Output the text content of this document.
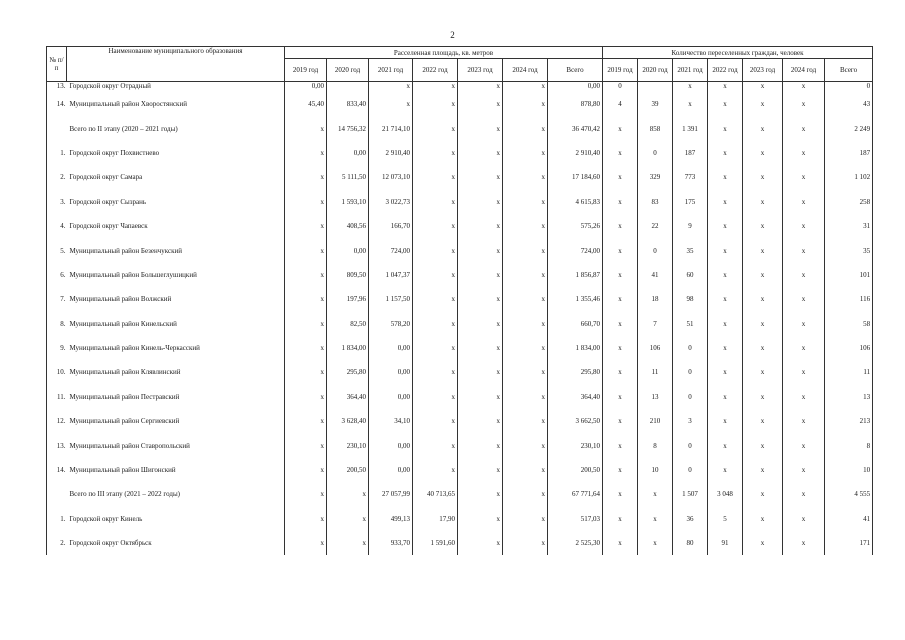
2
№ п/п	Наименование муниципального образования	Расселенная площадь, кв. метров							Количество переселенных граждан, человек						
		2019 год	2020 год	2021 год	2022 год	2023 год	2024 год	Всего	2019 год	2020 год	2021 год	2022 год	2023 год	2024 год	Всего
13.	Городской округ Отрадный	0,00		x	x	x	x	0,00	0		x	x	x	x	0
14.	Муниципальный район Хворостянский	45,40	833,40	x	x	x	x	878,80	4	39	x	x	x	x	43
	Всего по II этапу (2020 – 2021 годы)	x	14 756,32	21 714,10	x	x	x	36 470,42	x	858	1 391	x	x	x	2 249
1.	Городской округ Похвистнево	x	0,00	2 910,40	x	x	x	2 910,40	x	0	187	x	x	x	187
2.	Городской округ Самара	x	5 111,50	12 073,10	x	x	x	17 184,60	x	329	773	x	x	x	1 102
3.	Городской округ Сызрань	x	1 593,10	3 022,73	x	x	x	4 615,83	x	83	175	x	x	x	258
4.	Городской округ Чапаевск	x	408,56	166,70	x	x	x	575,26	x	22	9	x	x	x	31
5.	Муниципальный район Безенчукский	x	0,00	724,00	x	x	x	724,00	x	0	35	x	x	x	35
6.	Муниципальный район Большеглушицкий	x	809,50	1 047,37	x	x	x	1 856,87	x	41	60	x	x	x	101
7.	Муниципальный район Волжский	x	197,96	1 157,50	x	x	x	1 355,46	x	18	98	x	x	x	116
8.	Муниципальный район Кинельский	x	82,50	578,20	x	x	x	660,70	x	7	51	x	x	x	58
9.	Муниципальный район Кинель-Черкасский	x	1 834,00	0,00	x	x	x	1 834,00	x	106	0	x	x	x	106
10.	Муниципальный район Клявлинский	x	295,80	0,00	x	x	x	295,80	x	11	0	x	x	x	11
11.	Муниципальный район Пестравский	x	364,40	0,00	x	x	x	364,40	x	13	0	x	x	x	13
12.	Муниципальный район Сергиевский	x	3 628,40	34,10	x	x	x	3 662,50	x	210	3	x	x	x	213
13.	Муниципальный район Ставропольский	x	230,10	0,00	x	x	x	230,10	x	8	0	x	x	x	8
14.	Муниципальный район Шигонский	x	200,50	0,00	x	x	x	200,50	x	10	0	x	x	x	10
	Всего по III этапу (2021 – 2022 годы)	x	x	27 057,99	40 713,65	x	x	67 771,64	x	x	1 507	3 048	x	x	4 555
1.	Городской округ Кинель	x	x	499,13	17,90	x	x	517,03	x	x	36	5	x	x	41
2.	Городской округ Октябрьск	x	x	933,70	1 591,60	x	x	2 525,30	x	x	80	91	x	x	171
